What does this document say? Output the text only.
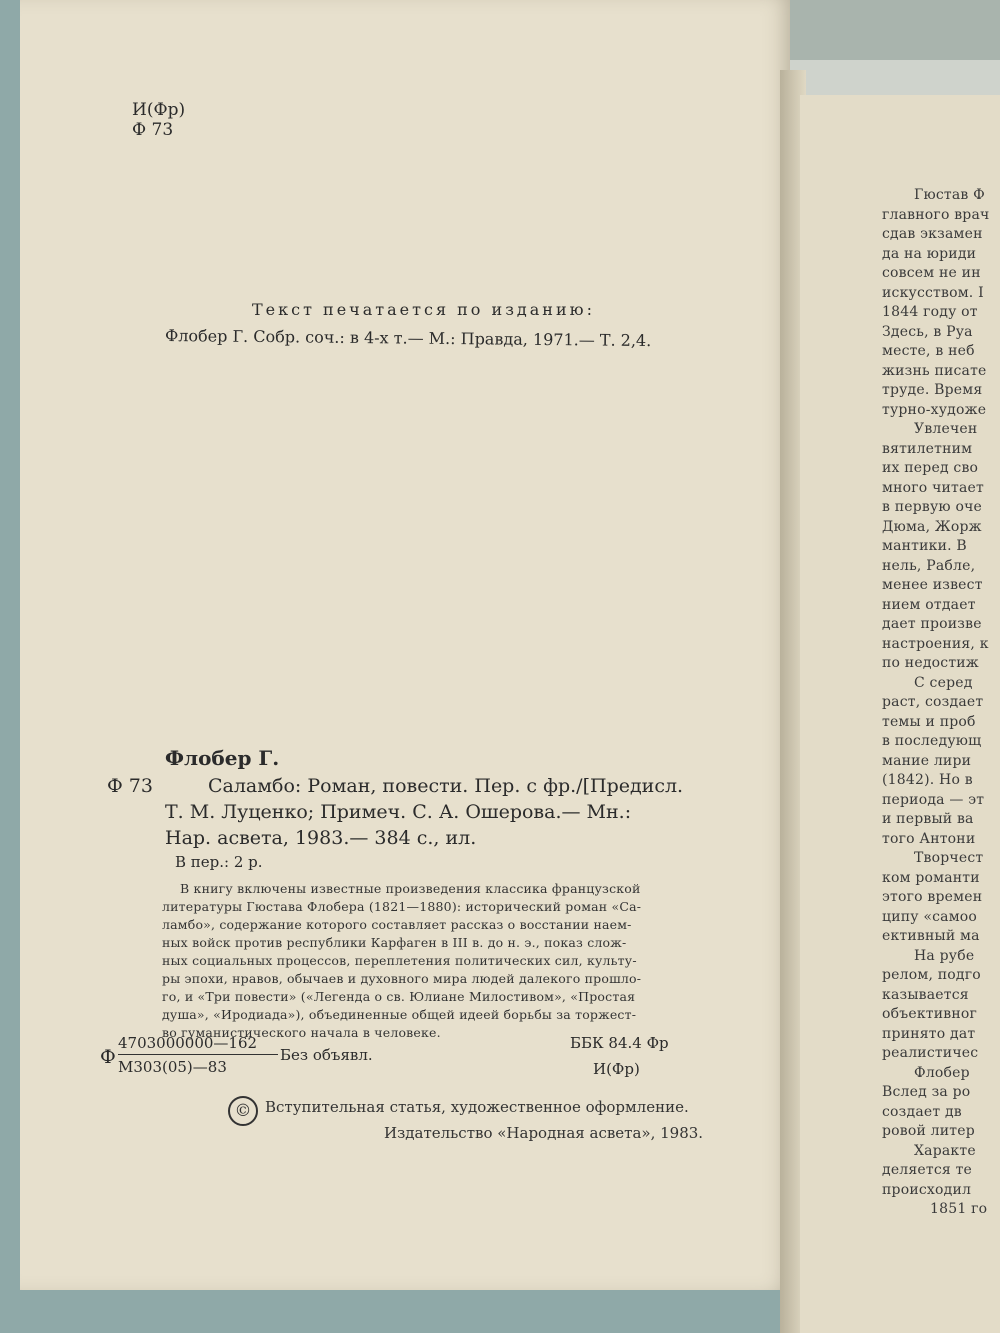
Гюстав Ф
главного врач
сдав экзамен
да на юриди
совсем не ин
искусством. I
1844 году от
Здесь, в Руа
месте, в неб
жизнь писате
труде. Время
турно-художе
Увлечен
вятилетним
их перед сво
много читает
в первую оче
Дюма, Жорж
мантики. В
нель, Рабле,
менее извест
нием отдает
дает произве
настроения, к
по недостиж
С серед
раст, создает
темы и проб
в последующ
мание лири
(1842). Но в
периода — эт
и первый ва
того Антони
Творчест
ком романти
этого времен
ципу «самоо
ективный ма
На рубе
релом, подго
казывается
объективног
принято дат
реалистичес
Флобер
Вслед за ро
создает дв
ровой литер
Характе
деляется те
происходил
1851 го
И(Фр)
Ф 73
Текст печатается по изданию:
Флобер Г. Собр. соч.: в 4-х т.— М.: Правда, 1971.— Т. 2,4.
Флобер Г.
Ф 73	Саламбо: Роман, повести. Пер. с фр./[Предисл.
Т. М. Луценко; Примеч. С. А. Ошерова.— Мн.:
Нар. асвета, 1983.— 384 с., ил.
В пер.: 2 р.
В книгу включены известные произведения классика французской
литературы Гюстава Флобера (1821—1880): исторический роман «Са-
ламбо», содержание которого составляет рассказ о восстании наем-
ных войск против республики Карфаген в III в. до н. э., показ слож-
ных социальных процессов, переплетения политических сил, культу-
ры эпохи, нравов, обычаев и духовного мира людей далекого прошло-
го, и «Три повести» («Легенда о св. Юлиане Милостивом», «Простая
душа», «Иродиада»), объединенные общей идеей борьбы за торжест-
во гуманистического начала в человеке.
Ф
4703000000—162
М303(05)—83
Без объявл.
ББК 84.4 Фр
И(Фр)
© Вступительная статья, художественное оформление.
Издательство «Народная асвета», 1983.
